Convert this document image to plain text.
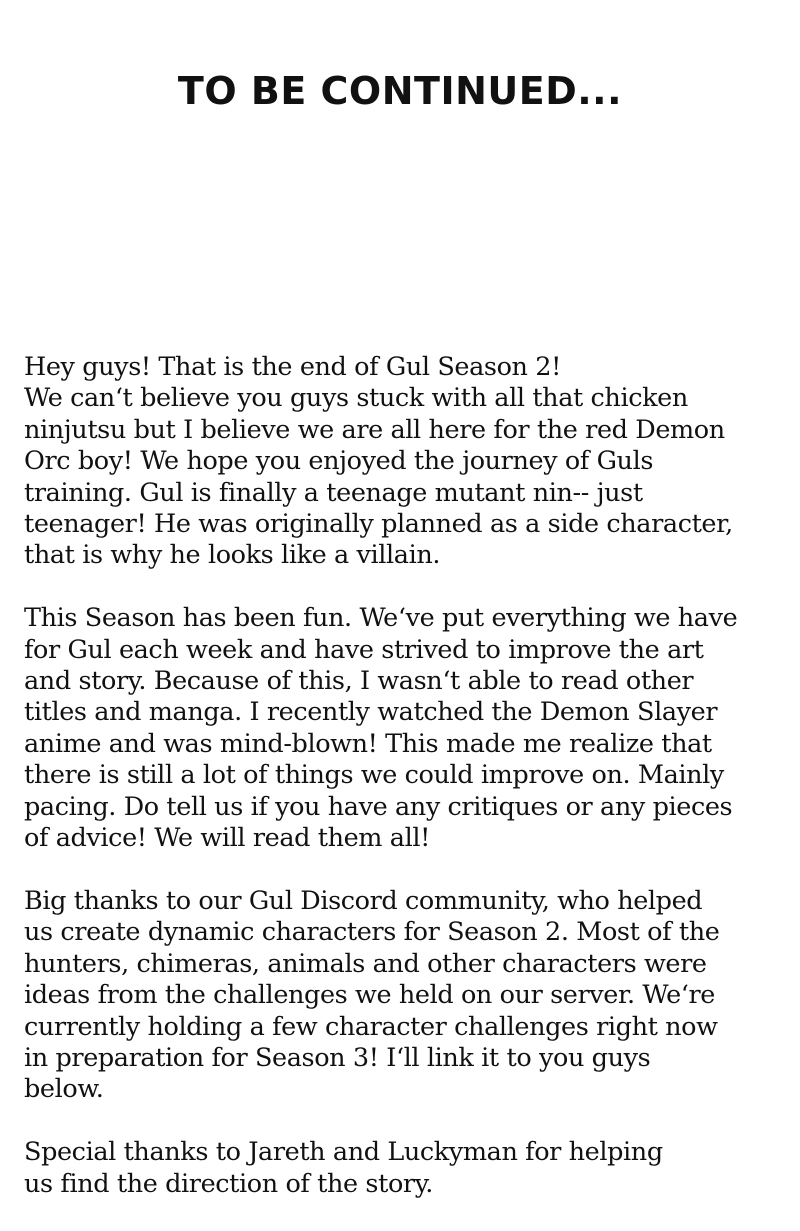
TO BE CONTINUED...

Hey guys! That is the end of Gul Season 2!
We can‘t believe you guys stuck with all that chicken
ninjutsu but I believe we are all here for the red Demon
Orc boy! We hope you enjoyed the journey of Guls
training. Gul is finally a teenage mutant nin-- just
teenager! He was originally planned as a side character,
that is why he looks like a villain.

This Season has been fun. We‘ve put everything we have
for Gul each week and have strived to improve the art
and story. Because of this, I wasn‘t able to read other
titles and manga. I recently watched the Demon Slayer
anime and was mind-blown! This made me realize that
there is still a lot of things we could improve on. Mainly
pacing. Do tell us if you have any critiques or any pieces
of advice! We will read them all!

Big thanks to our Gul Discord community, who helped
us create dynamic characters for Season 2. Most of the
hunters, chimeras, animals and other characters were
ideas from the challenges we held on our server. We‘re
currently holding a few character challenges right now
in preparation for Season 3! I‘ll link it to you guys
below.

Special thanks to Jareth and Luckyman for helping
us find the direction of the story.
